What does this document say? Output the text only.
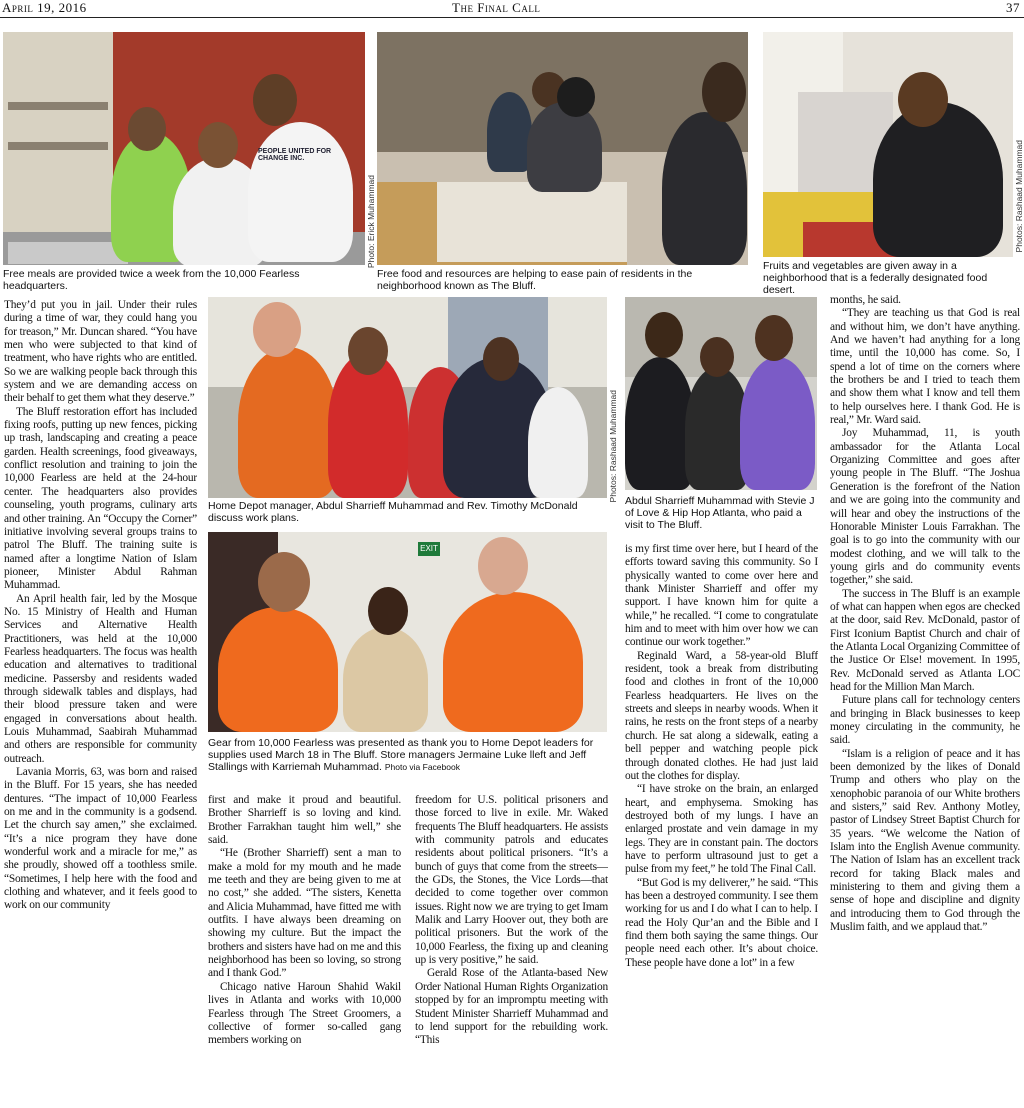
April 19, 2016	The Final Call	37
PEOPLE UNITED FOR CHANGE INC.
Photo: Erick Muhammad
Free meals are provided twice a week from the 10,000 Fearless headquarters.
Free food and resources are helping to ease pain of residents in the neighborhood known as The Bluff.
Photos: Rashaad Muhammad
Fruits and vegetables are given away in a neighborhood that is a federally designated food desert.
Photos: Rashaad Muhammad
Home Depot manager, Abdul Sharrieff Muhammad and Rev. Timothy McDonald discuss work plans.
Abdul Sharrieff Muhammad with Stevie J of Love & Hip Hop Atlanta, who paid a visit to The Bluff.
EXIT
Gear from 10,000 Fearless was presented as thank you to Home Depot leaders for supplies used March 18 in The Bluff. Store managers Jermaine Luke lleft and Jeff Stallings with Karriemah Muhammad. Photo via Facebook

They’d put you in jail. Under their rules during a time of war, they could hang you for treason,” Mr. Duncan shared. “You have men who were subjected to that kind of treatment, who have rights who are entitled. So we are walking people back through this system and we are demanding access on their behalf to get them what they deserve.”

The Bluff restoration effort has included fixing roofs, putting up new fences, picking up trash, landscaping and creating a peace garden. Health screenings, food giveaways, conflict resolution and training to join the 10,000 Fearless are held at the 24-hour center. The headquarters also provides counseling, youth programs, culinary arts and other training. An “Occupy the Corner” initiative involving several groups trains to patrol The Bluff. The training suite is named after a longtime Nation of Islam pioneer, Minister Abdul Rahman Muhammad.

An April health fair, led by the Mosque No. 15 Ministry of Health and Human Services and Alternative Health Practitioners, was held at the 10,000 Fearless headquarters. The focus was health education and alternatives to traditional medicine. Passersby and residents waded through sidewalk tables and displays, had their blood pressure taken and were engaged in conversations about health. Louis Muhammad, Saabirah Muhammad and others are responsible for community outreach.

Lavania Morris, 63, was born and raised in the Bluff. For 15 years, she has needed dentures. “The impact of 10,000 Fearless on me and in the community is a godsend. Let the church say amen,” she exclaimed. “It’s a nice program they have done wonderful work and a miracle for me,” as she proudly, showed off a toothless smile. “Sometimes, I help here with the food and clothing and whatever, and it feels good to work on our community

first and make it proud and beautiful. Brother Sharrieff is so loving and kind. Brother Farrakhan taught him well,” she said.

“He (Brother Sharrieff) sent a man to make a mold for my mouth and he made me teeth and they are being given to me at no cost,” she added. “The sisters, Kenetta and Alicia Muhammad, have fitted me with outfits. I have always been dreaming on showing my culture. But the impact the brothers and sisters have had on me and this neighborhood has been so loving, so strong and I thank God.”

Chicago native Haroun Shahid Wakil lives in Atlanta and works with 10,000 Fearless through The Street Groomers, a collective of former so-called gang members working on

freedom for U.S. political prisoners and those forced to live in exile. Mr. Waked frequents The Bluff headquarters. He assists with community patrols and educates residents about political prisoners. “It’s a bunch of guys that come from the streets—the GDs, the Stones, the Vice Lords—that decided to come together over common issues. Right now we are trying to get Imam Malik and Larry Hoover out, they both are political prisoners. But the work of the 10,000 Fearless, the fixing up and cleaning up is very positive,” he said.

Gerald Rose of the Atlanta-based New Order National Human Rights Organization stopped by for an impromptu meeting with Student Minister Sharrieff Muhammad and to lend support for the rebuilding work. “This

is my first time over here, but I heard of the efforts toward saving this community. So I physically wanted to come over here and thank Minister Sharrieff and offer my support. I have known him for quite a while,” he recalled. “I come to congratulate him and to meet with him over how we can continue our work together.”

Reginald Ward, a 58-year-old Bluff resident, took a break from distributing food and clothes in front of the 10,000 Fearless headquarters. He lives on the streets and sleeps in nearby woods. When it rains, he rests on the front steps of a nearby church. He sat along a sidewalk, eating a bell pepper and watching people pick through donated clothes. He had just laid out the clothes for display.

“I have stroke on the brain, an enlarged heart, and emphysema. Smoking has destroyed both of my lungs. I have an enlarged prostate and vein damage in my legs. They are in constant pain. The doctors have to perform ultrasound just to get a pulse from my feet,” he told The Final Call.

“But God is my deliverer,” he said. “This has been a destroyed community. I see them working for us and I do what I can to help. I read the Holy Qur’an and the Bible and I find them both saying the same things. Our people need each other. It’s about choice. These people have done a lot” in a few

months, he said.

“They are teaching us that God is real and without him, we don’t have anything. And we haven’t had anything for a long time, until the 10,000 has come. So, I spend a lot of time on the corners where the brothers be and I tried to teach them and show them what I know and tell them to help ourselves here. I thank God. He is real,” Mr. Ward said.

Joy Muhammad, 11, is youth ambassador for the Atlanta Local Organizing Committee and goes after young people in The Bluff. “The Joshua Generation is the forefront of the Nation and we are going into the community and will hear and obey the instructions of the Honorable Minister Louis Farrakhan. The goal is to go into the community with our modest clothing, and we will talk to the young girls and do community events together,” she said.

The success in The Bluff is an example of what can happen when egos are checked at the door, said Rev. McDonald, pastor of First Iconium Baptist Church and chair of the Atlanta Local Organizing Committee of the Justice Or Else! movement. In 1995, Rev. McDonald served as Atlanta LOC head for the Million Man March.

Future plans call for technology centers and bringing in Black businesses to keep money circulating in the community, he said.

“Islam is a religion of peace and it has been demonized by the likes of Donald Trump and others who play on the xenophobic paranoia of our White brothers and sisters,” said Rev. Anthony Motley, pastor of Lindsey Street Baptist Church for 35 years. “We welcome the Nation of Islam into the English Avenue community. The Nation of Islam has an excellent track record for taking Black males and ministering to them and giving them a sense of hope and discipline and dignity and introducing them to God through the Muslim faith, and we applaud that.”
